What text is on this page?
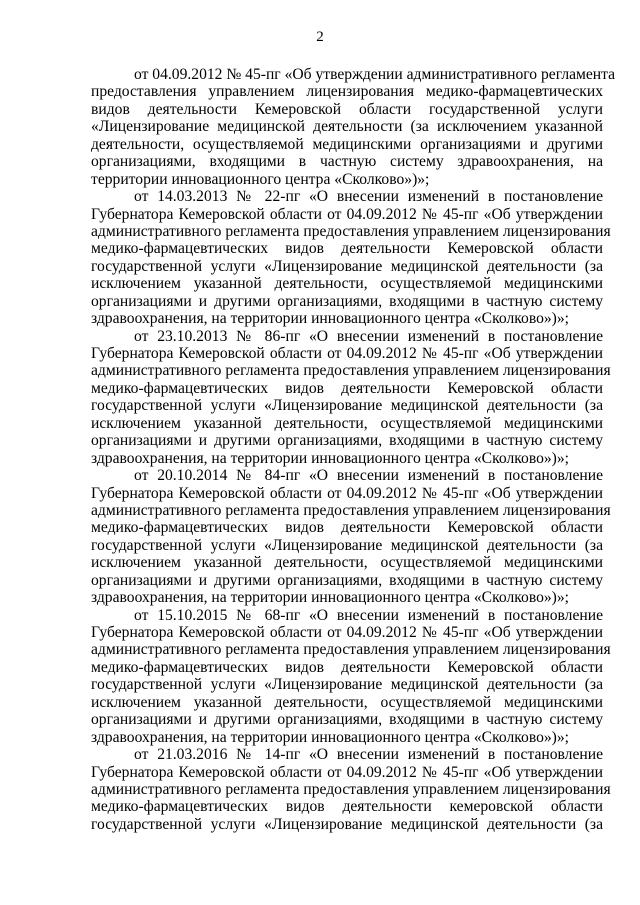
2
от 04.09.2012 № 45-пг «Об утверждении административного регламента
предоставления управлением лицензирования медико-фармацевтических
видов деятельности Кемеровской области государственной услуги
«Лицензирование медицинской деятельности (за исключением указанной
деятельности, осуществляемой медицинскими организациями и другими
организациями, входящими в частную систему здравоохранения, на
территории инновационного центра «Сколково»)»;
от 14.03.2013 № 22-пг «О внесении изменений в постановление
Губернатора Кемеровской области от 04.09.2012 № 45-пг «Об утверждении
административного регламента предоставления управлением лицензирования
медико-фармацевтических видов деятельности Кемеровской области
государственной услуги «Лицензирование медицинской деятельности (за
исключением указанной деятельности, осуществляемой медицинскими
организациями и другими организациями, входящими в частную систему
здравоохранения, на территории инновационного центра «Сколково»)»;
от 23.10.2013 № 86-пг «О внесении изменений в постановление
Губернатора Кемеровской области от 04.09.2012 № 45-пг «Об утверждении
административного регламента предоставления управлением лицензирования
медико-фармацевтических видов деятельности Кемеровской области
государственной услуги «Лицензирование медицинской деятельности (за
исключением указанной деятельности, осуществляемой медицинскими
организациями и другими организациями, входящими в частную систему
здравоохранения, на территории инновационного центра «Сколково»)»;
от 20.10.2014 № 84-пг «О внесении изменений в постановление
Губернатора Кемеровской области от 04.09.2012 № 45-пг «Об утверждении
административного регламента предоставления управлением лицензирования
медико-фармацевтических видов деятельности Кемеровской области
государственной услуги «Лицензирование медицинской деятельности (за
исключением указанной деятельности, осуществляемой медицинскими
организациями и другими организациями, входящими в частную систему
здравоохранения, на территории инновационного центра «Сколково»)»;
от 15.10.2015 № 68-пг «О внесении изменений в постановление
Губернатора Кемеровской области от 04.09.2012 № 45-пг «Об утверждении
административного регламента предоставления управлением лицензирования
медико-фармацевтических видов деятельности Кемеровской области
государственной услуги «Лицензирование медицинской деятельности (за
исключением указанной деятельности, осуществляемой медицинскими
организациями и другими организациями, входящими в частную систему
здравоохранения, на территории инновационного центра «Сколково»)»;
от 21.03.2016 № 14-пг «О внесении изменений в постановление
Губернатора Кемеровской области от 04.09.2012 № 45-пг «Об утверждении
административного регламента предоставления управлением лицензирования
медико-фармацевтических видов деятельности кемеровской области
государственной услуги «Лицензирование медицинской деятельности (за
